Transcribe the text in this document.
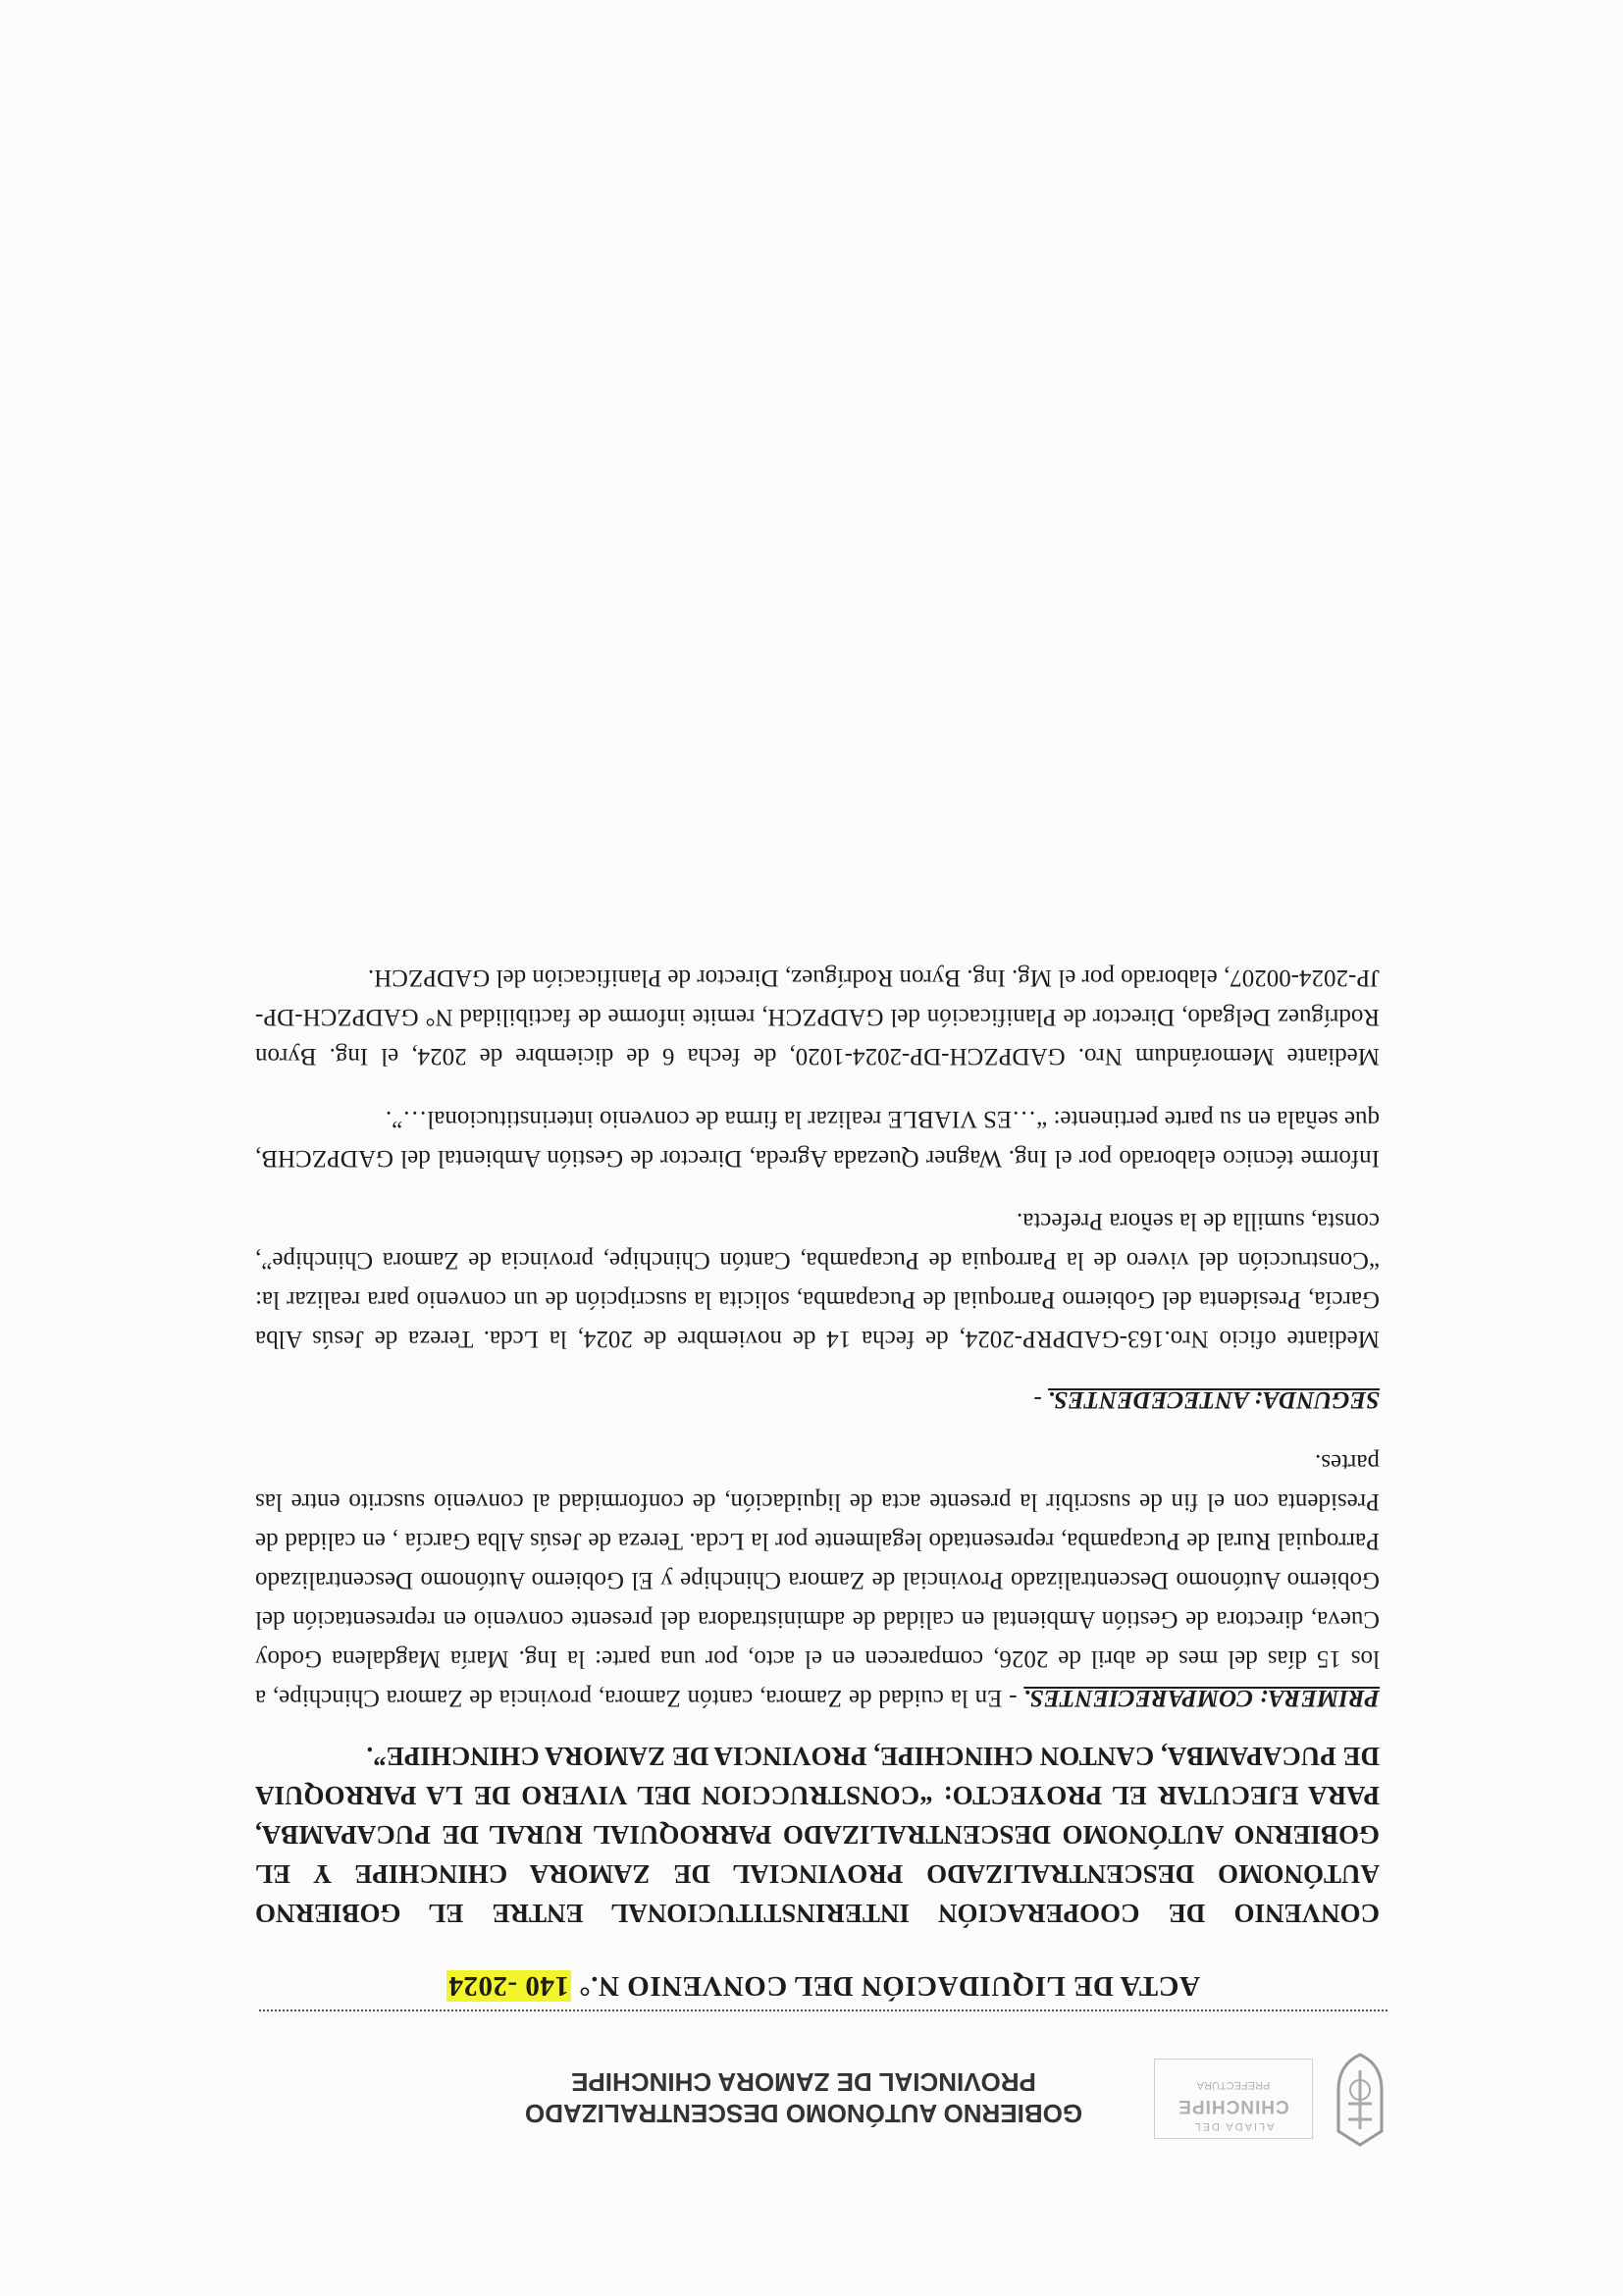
ALIADA DEL
CHINCHIPE
PREFECTURA
GOBIERNO AUTÓNOMO DESCENTRALIZADO PROVINCIAL DE ZAMORA CHINCHIPE
ACTA DE LIQUIDACIÓN DEL CONVENIO N.° 140 -2024

CONVENIO DE COOPERACIÓN INTERINSTITUCIONAL ENTRE EL GOBIERNO AUTÓNOMO DESCENTRALIZADO PROVINCIAL DE ZAMORA CHINCHIPE Y EL GOBIERNO AUTÓNOMO DESCENTRALIZADO PARROQUIAL RURAL DE PUCAPAMBA, PARA EJECUTAR EL PROYECTO: “CONSTRUCCION DEL VIVERO DE LA PARROQUIA DE PUCAPAMBA, CANTON CHINCHIPE, PROVINCIA DE ZAMORA CHINCHIPE”.

PRIMERA: COMPARECIENTES. - En la cuidad de Zamora, cantón Zamora, provincia de Zamora Chinchipe, a los 15 días del mes de abril de 2026, comparecen en el acto, por una parte: la Ing. María Magdalena Godoy Cueva, directora de Gestión Ambiental en calidad de administradora del presente convenio en representación del Gobierno Autónomo Descentralizado Provincial de Zamora Chinchipe y El Gobierno Autónomo Descentralizado Parroquial Rural de Pucapamba, representado legalmente por la Lcda. Tereza de Jesús Alba García , en calidad de Presidenta con el fin de suscribir la presente acta de liquidación, de conformidad al convenio suscrito entre las partes.

SEGUNDA: ANTECEDENTES. -

Mediante oficio Nro.163-GADPRP-2024, de fecha 14 de noviembre de 2024, la Lcda. Tereza de Jesús Alba García, Presidenta del Gobierno Parroquial de Pucapamba, solicita la suscripción de un convenio para realizar la: “Construcción del vivero de la Parroquia de Pucapamba, Cantón Chinchipe, provincia de Zamora Chinchipe”, consta, sumilla de la señora Prefecta.

Informe técnico elaborado por el Ing. Wagner Quezada Agreda, Director de Gestión Ambiental del GADPZCHB, que señala en su parte pertinente: “…ES VIABLE realizar la firma de convenio interinstitucional…”.

Mediante Memorándum Nro. GADPZCH-DP-2024-1020, de fecha 6 de diciembre de 2024, el Ing. Byron Rodríguez Delgado, Director de Planificación del GADPZCH, remite informe de factibilidad N° GADPZCH-DP-JP-2024-00207, elaborado por el Mg. Ing. Byron Rodríguez, Director de Planificación del GADPZCH.
